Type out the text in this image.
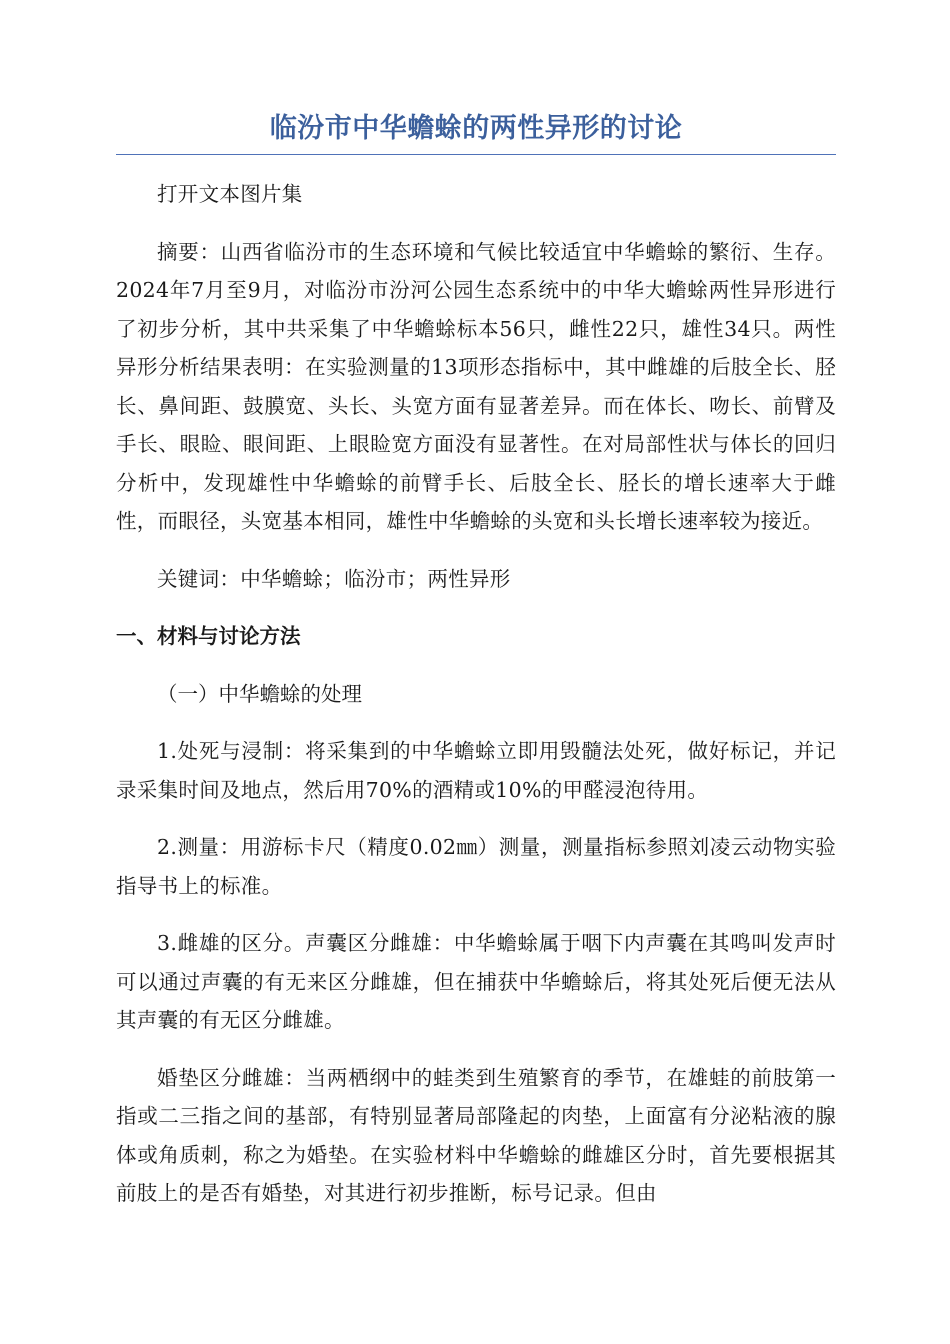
临汾市中华蟾蜍的两性异形的讨论

打开文本图片集

摘要：山西省临汾市的生态环境和气候比较适宜中华蟾蜍的繁衍、生存。2024年7月至9月，对临汾市汾河公园生态系统中的中华大蟾蜍两性异形进行了初步分析，其中共采集了中华蟾蜍标本56只，雌性22只，雄性34只。两性异形分析结果表明：在实验测量的13项形态指标中，其中雌雄的后肢全长、胫长、鼻间距、鼓膜宽、头长、头宽方面有显著差异。而在体长、吻长、前臂及手长、眼睑、眼间距、上眼睑宽方面没有显著性。在对局部性状与体长的回归分析中，发现雄性中华蟾蜍的前臂手长、后肢全长、胫长的增长速率大于雌性，而眼径，头宽基本相同，雄性中华蟾蜍的头宽和头长增长速率较为接近。

关键词：中华蟾蜍；临汾市；两性异形

一、材料与讨论方法

（一）中华蟾蜍的处理

1.处死与浸制：将采集到的中华蟾蜍立即用毁髓法处死，做好标记，并记录采集时间及地点，然后用70%的酒精或10%的甲醛浸泡待用。

2.测量：用游标卡尺（精度0.02㎜）测量，测量指标参照刘凌云动物实验指导书上的标准。

3.雌雄的区分。声囊区分雌雄：中华蟾蜍属于咽下内声囊在其鸣叫发声时可以通过声囊的有无来区分雌雄，但在捕获中华蟾蜍后，将其处死后便无法从其声囊的有无区分雌雄。

婚垫区分雌雄：当两栖纲中的蛙类到生殖繁育的季节，在雄蛙的前肢第一指或二三指之间的基部，有特别显著局部隆起的肉垫，上面富有分泌粘液的腺体或角质刺，称之为婚垫。在实验材料中华蟾蜍的雌雄区分时，首先要根据其前肢上的是否有婚垫，对其进行初步推断，标号记录。但由
